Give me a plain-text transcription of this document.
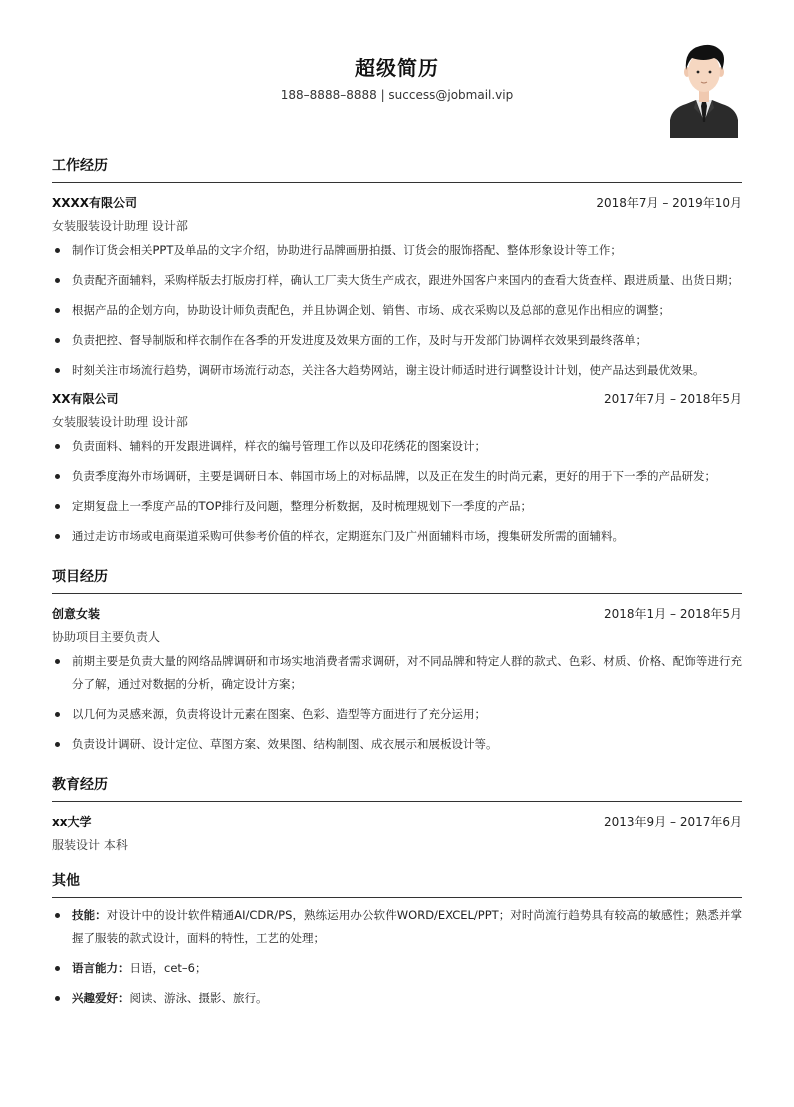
超级简历
188–8888–8888 | success@jobmail.vip
工作经历
XXXX有限公司	2018年7月 – 2019年10月
女装服装设计助理 设计部
制作订货会相关PPT及单品的文字介绍，协助进行品牌画册拍摄、订货会的服饰搭配、整体形象设计等工作；
负责配齐面辅料，采购样版去打版房打样，确认工厂卖大货生产成衣，跟进外国客户来国内的查看大货查样、跟进质量、出货日期；
根据产品的企划方向，协助设计师负责配色，并且协调企划、销售、市场、成衣采购以及总部的意见作出相应的调整；
负责把控、督导制版和样衣制作在各季的开发进度及效果方面的工作，及时与开发部门协调样衣效果到最终落单；
时刻关注市场流行趋势，调研市场流行动态，关注各大趋势网站，谢主设计师适时进行调整设计计划，使产品达到最优效果。
XX有限公司	2017年7月 – 2018年5月
女装服装设计助理 设计部
负责面料、辅料的开发跟进调样，样衣的编号管理工作以及印花绣花的图案设计；
负责季度海外市场调研，主要是调研日本、韩国市场上的对标品牌，以及正在发生的时尚元素，更好的用于下一季的产品研发；
定期复盘上一季度产品的TOP排行及问题，整理分析数据，及时梳理规划下一季度的产品；
通过走访市场或电商渠道采购可供参考价值的样衣，定期逛东门及广州面辅料市场，搜集研发所需的面辅料。
项目经历
创意女装	2018年1月 – 2018年5月
协助项目主要负责人
前期主要是负责大量的网络品牌调研和市场实地消费者需求调研，对不同品牌和特定人群的款式、色彩、材质、价格、配饰等进行充分了解，通过对数据的分析，确定设计方案；
以几何为灵感来源，负责将设计元素在图案、色彩、造型等方面进行了充分运用；
负责设计调研、设计定位、草图方案、效果图、结构制图、成衣展示和展板设计等。
教育经历
xx大学	2013年9月 – 2017年6月
服装设计 本科
其他
技能：对设计中的设计软件精通AI/CDR/PS，熟练运用办公软件WORD/EXCEL/PPT；对时尚流行趋势具有较高的敏感性；熟悉并掌握了服装的款式设计，面料的特性，工艺的处理；
语言能力：日语，cet–6；
兴趣爱好：阅读、游泳、摄影、旅行。
